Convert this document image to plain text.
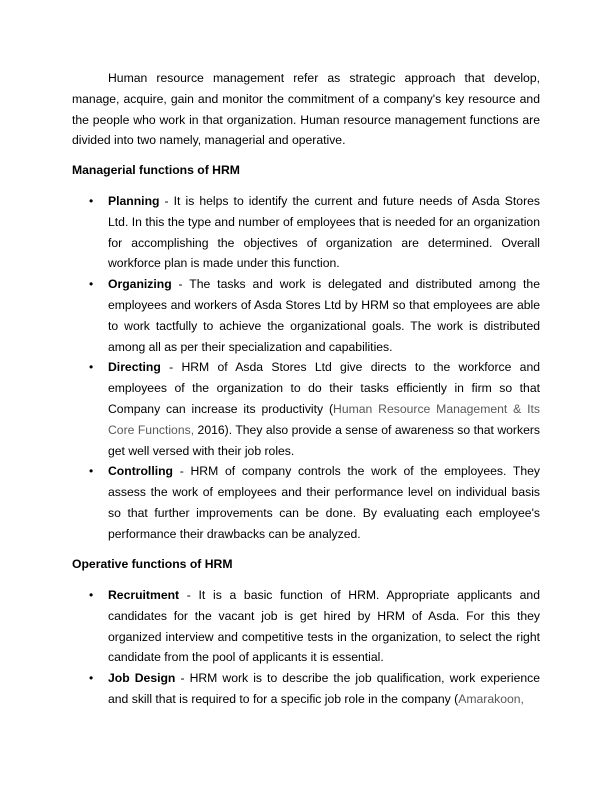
Human resource management refer as strategic approach that develop, manage, acquire, gain and monitor the commitment of a company's key resource and the people who work in that organization. Human resource management functions are divided into two namely, managerial and operative.

Managerial functions of HRM
• Planning - It is helps to identify the current and future needs of Asda Stores Ltd. In this the type and number of employees that is needed for an organization for accomplishing the objectives of organization are determined. Overall workforce plan is made under this function.
• Organizing - The tasks and work is delegated and distributed among the employees and workers of Asda Stores Ltd by HRM so that employees are able to work tactfully to achieve the organizational goals. The work is distributed among all as per their specialization and capabilities.
• Directing - HRM of Asda Stores Ltd give directs to the workforce and employees of the organization to do their tasks efficiently in firm so that Company can increase its productivity (Human Resource Management & Its Core Functions, 2016). They also provide a sense of awareness so that workers get well versed with their job roles.
• Controlling - HRM of company controls the work of the employees. They assess the work of employees and their performance level on individual basis so that further improvements can be done. By evaluating each employee's performance their drawbacks can be analyzed.
Operative functions of HRM
• Recruitment - It is a basic function of HRM. Appropriate applicants and candidates for the vacant job is get hired by HRM of Asda. For this they organized interview and competitive tests in the organization, to select the right candidate from the pool of applicants it is essential.
• Job Design - HRM work is to describe the job qualification, work experience and skill that is required to for a specific job role in the company (Amarakoon,
